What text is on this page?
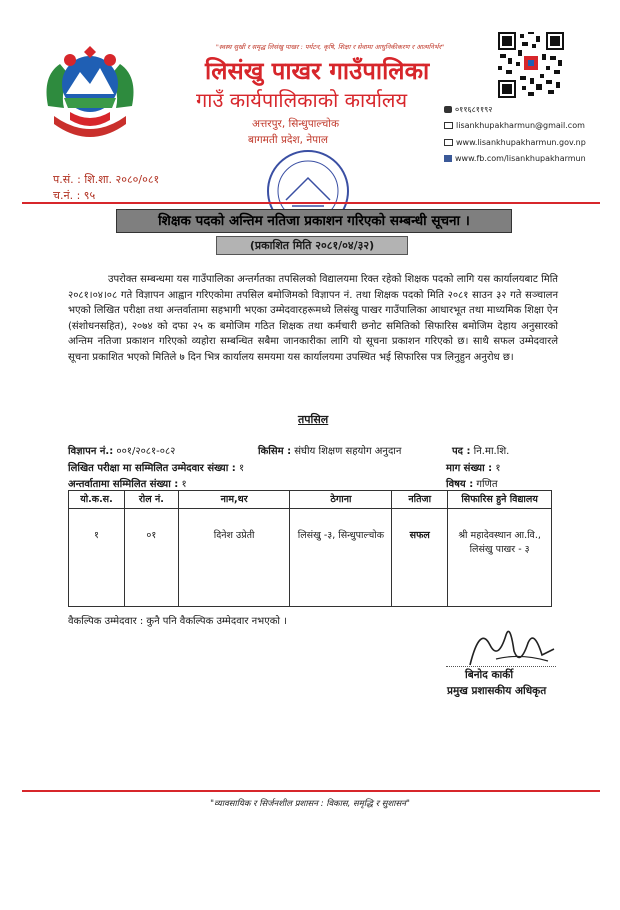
"स्वस्थ सुखी र समृद्ध लिसंखु पाखर : पर्यटन, कृषि, शिक्षा र सेवामा आधुनिकीकरण र आत्मनिर्भर"
लिसंखु पाखर गाउँपालिका
गाउँ कार्यपालिकाको कार्यालय
अत्तरपुर, सिन्धुपाल्चोक
बागमती प्रदेश, नेपाल
०११६८११९२
lisankhupakharmun@gmail.com
www.lisankhupakharmun.gov.np
www.fb.com/lisankhupakharmun
प.सं. : शि.शा. २०८०/०८१
च.नं. : ९५
शिक्षक पदको अन्तिम नतिजा प्रकाशन गरिएको सम्बन्धी सूचना ।
(प्रकाशित मिति २०८१/०४/३२)
उपरोक्त सम्बन्धमा यस गाउँपालिका अन्तर्गतका तपसिलको विद्यालयमा रिक्त रहेको शिक्षक पदको लागि यस कार्यालयबाट मिति २०८१।०४।०८ गते विज्ञापन आह्वान गरिएकोमा तपसिल बमोजिमको विज्ञापन नं. तथा शिक्षक पदको मिति २०८१ साउन ३२ गते सञ्चालन भएको लिखित परीक्षा तथा अन्तर्वातामा सहभागी भएका उम्मेदवारहरूमध्ये लिसंखु पाखर गाउँपालिका आधारभूत तथा माध्यमिक शिक्षा ऐन (संशोधनसहित), २०७४ को दफा २५ क बमोजिम गठित शिक्षक तथा कर्मचारी छनोट समितिको सिफारिस बमोजिम देहाय अनुसारको अन्तिम नतिजा प्रकाशन गरिएको व्यहोरा सम्बन्धित सबैमा जानकारीका लागि यो सूचना प्रकाशन गरिएको छ। साथै सफल उम्मेदवारले सूचना प्रकाशित भएको मितिले ७ दिन भित्र कार्यालय समयमा यस कार्यालयमा उपस्थित भई सिफारिस पत्र लिनुहुन अनुरोध छ।
तपसिल
विज्ञापन नं.: ००१/२०८१-०८२	किसिम : संघीय शिक्षण सहयोग अनुदान	पद : नि.मा.शि.
लिखित परीक्षा मा सम्मिलित उम्मेदवार संख्या : १	माग संख्या : १
अन्तर्वातामा सम्मिलित संख्या : १	विषय : गणित
यो.क.स.	रोल नं.	नाम,थर	ठेगाना	नतिजा	सिफारिस हुने विद्यालय
१	०१	दिनेश उप्रेती	लिसंखु -३, सिन्धुपाल्चोक	सफल	श्री महादेवस्थान आ.वि., लिसंखु पाखर - ३
वैकल्पिक उम्मेदवार : कुनै पनि वैकल्पिक उम्मेदवार नभएको ।
बिनोद कार्की
प्रमुख प्रशासकीय अधिकृत
"व्यावसायिक र सिर्जनशील प्रशासन : विकास, समृद्धि र सुशासन"
